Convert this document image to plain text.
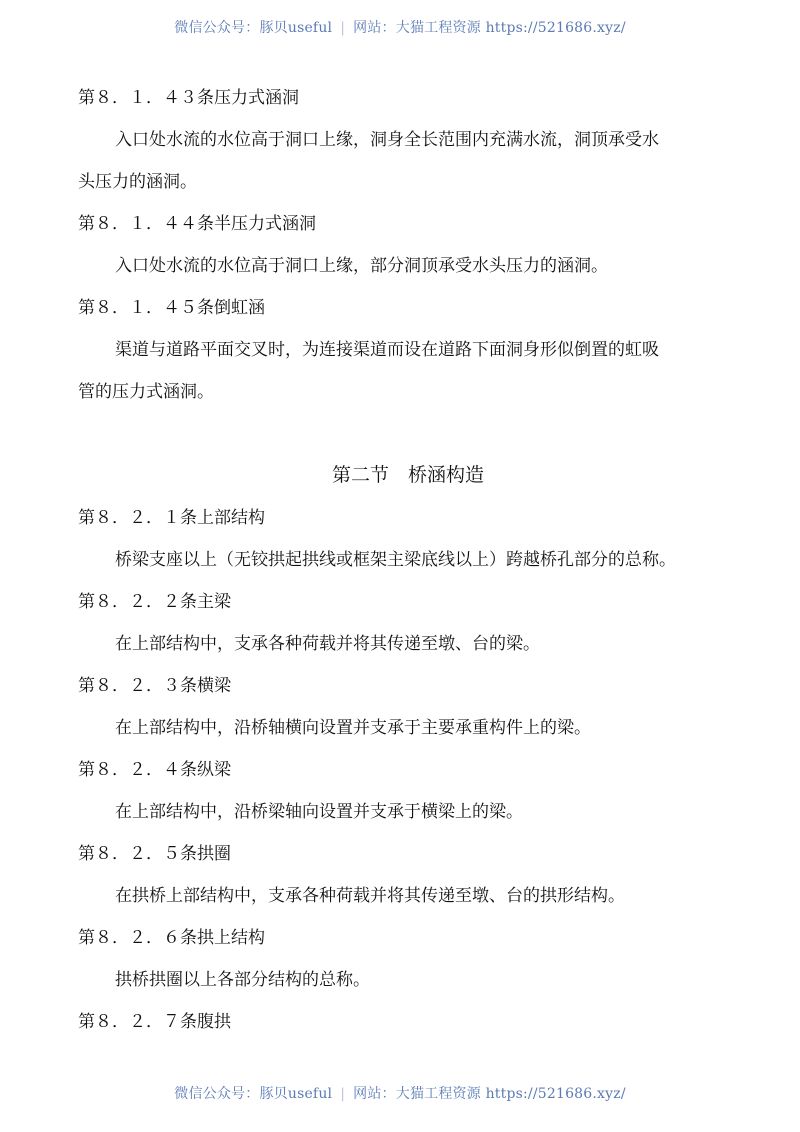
微信公众号：豚贝useful | 网站：大猫工程资源 https://521686.xyz/
第８．１．４３条压力式涵洞
入口处水流的水位高于洞口上缘，洞身全长范围内充满水流，洞顶承受水
头压力的涵洞。
第８．１．４４条半压力式涵洞
入口处水流的水位高于洞口上缘，部分洞顶承受水头压力的涵洞。
第８．１．４５条倒虹涵
渠道与道路平面交叉时，为连接渠道而设在道路下面洞身形似倒置的虹吸
管的压力式涵洞。
第二节　桥涵构造
第８．２．１条上部结构
桥梁支座以上（无铰拱起拱线或框架主梁底线以上）跨越桥孔部分的总称。
第８．２．２条主梁
在上部结构中，支承各种荷载并将其传递至墩、台的梁。
第８．２．３条横梁
在上部结构中，沿桥轴横向设置并支承于主要承重构件上的梁。
第８．２．４条纵梁
在上部结构中，沿桥梁轴向设置并支承于横梁上的梁。
第８．２．５条拱圈
在拱桥上部结构中，支承各种荷载并将其传递至墩、台的拱形结构。
第８．２．６条拱上结构
拱桥拱圈以上各部分结构的总称。
第８．２．７条腹拱
微信公众号：豚贝useful | 网站：大猫工程资源 https://521686.xyz/
